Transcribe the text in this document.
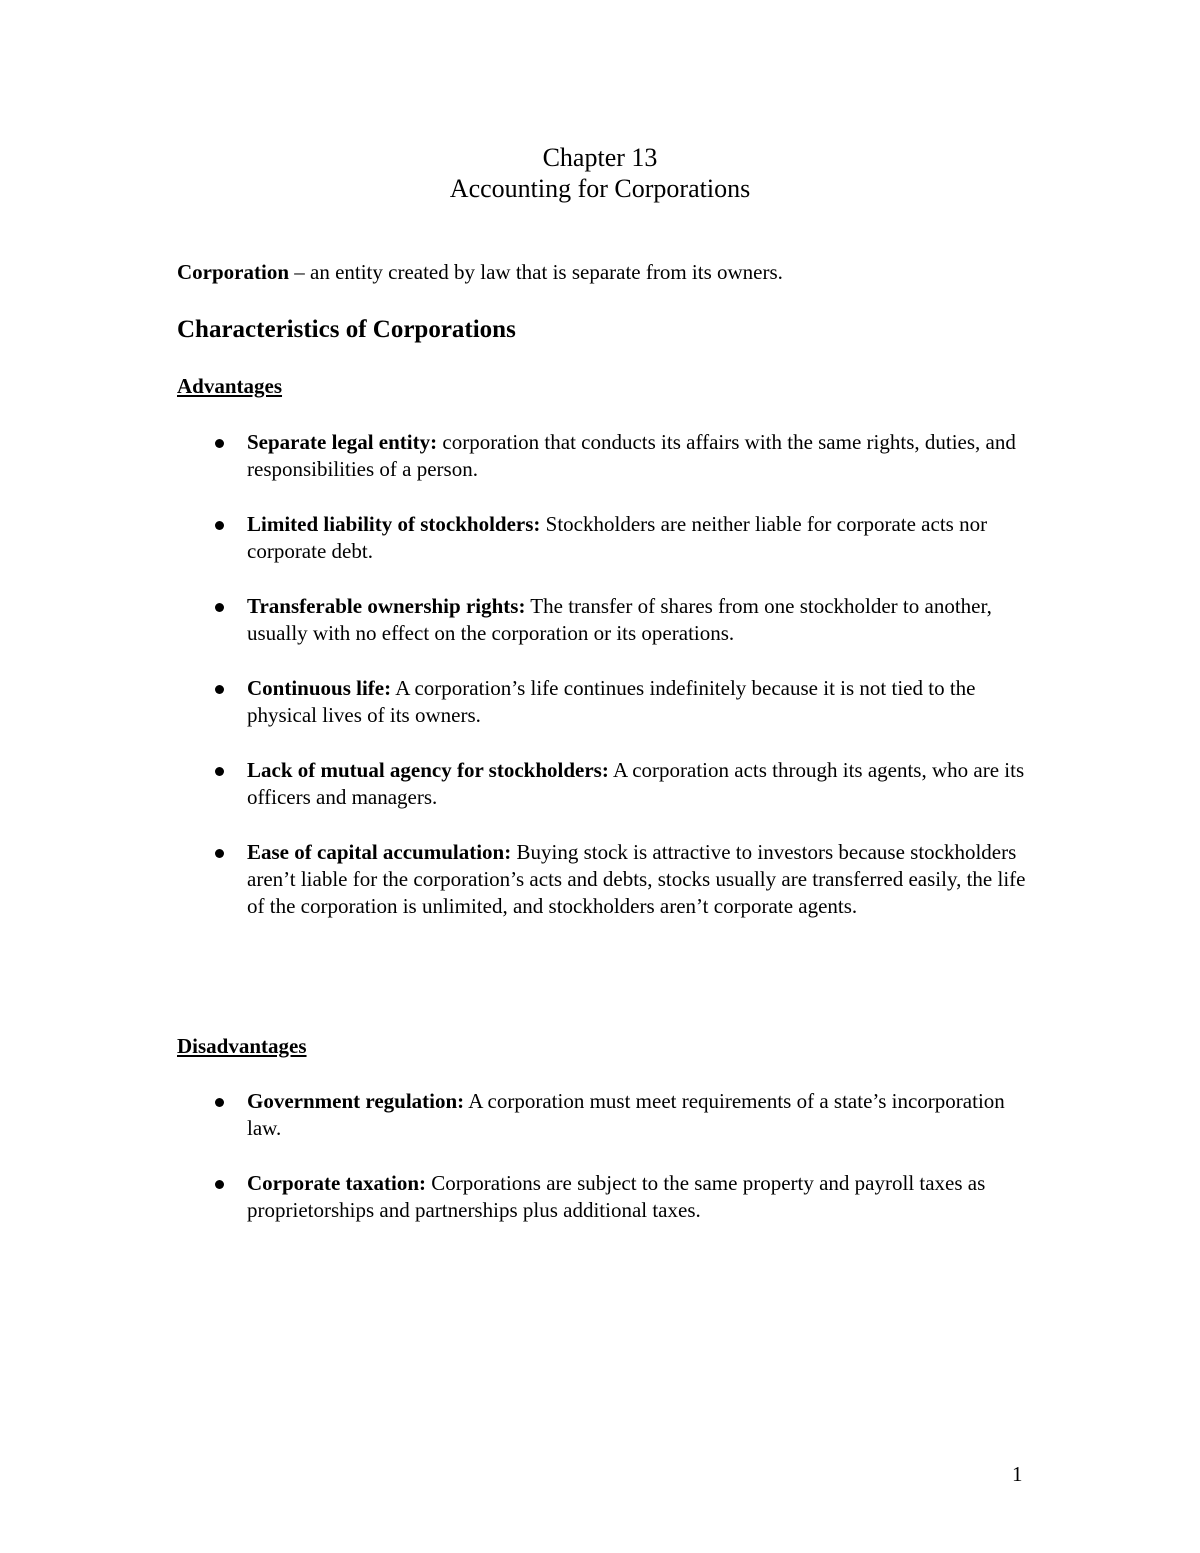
Chapter 13
Accounting for Corporations
Corporation – an entity created by law that is separate from its owners.
Characteristics of Corporations
Advantages
Separate legal entity: corporation that conducts its affairs with the same rights, duties, and responsibilities of a person.
Limited liability of stockholders: Stockholders are neither liable for corporate acts nor corporate debt.
Transferable ownership rights: The transfer of shares from one stockholder to another, usually with no effect on the corporation or its operations.
Continuous life: A corporation’s life continues indefinitely because it is not tied to the physical lives of its owners.
Lack of mutual agency for stockholders: A corporation acts through its agents, who are its officers and managers.
Ease of capital accumulation: Buying stock is attractive to investors because stockholders aren’t liable for the corporation’s acts and debts, stocks usually are transferred easily, the life of the corporation is unlimited, and stockholders aren’t corporate agents.
Disadvantages
Government regulation: A corporation must meet requirements of a state’s incorporation law.
Corporate taxation: Corporations are subject to the same property and payroll taxes as proprietorships and partnerships plus additional taxes.
1
